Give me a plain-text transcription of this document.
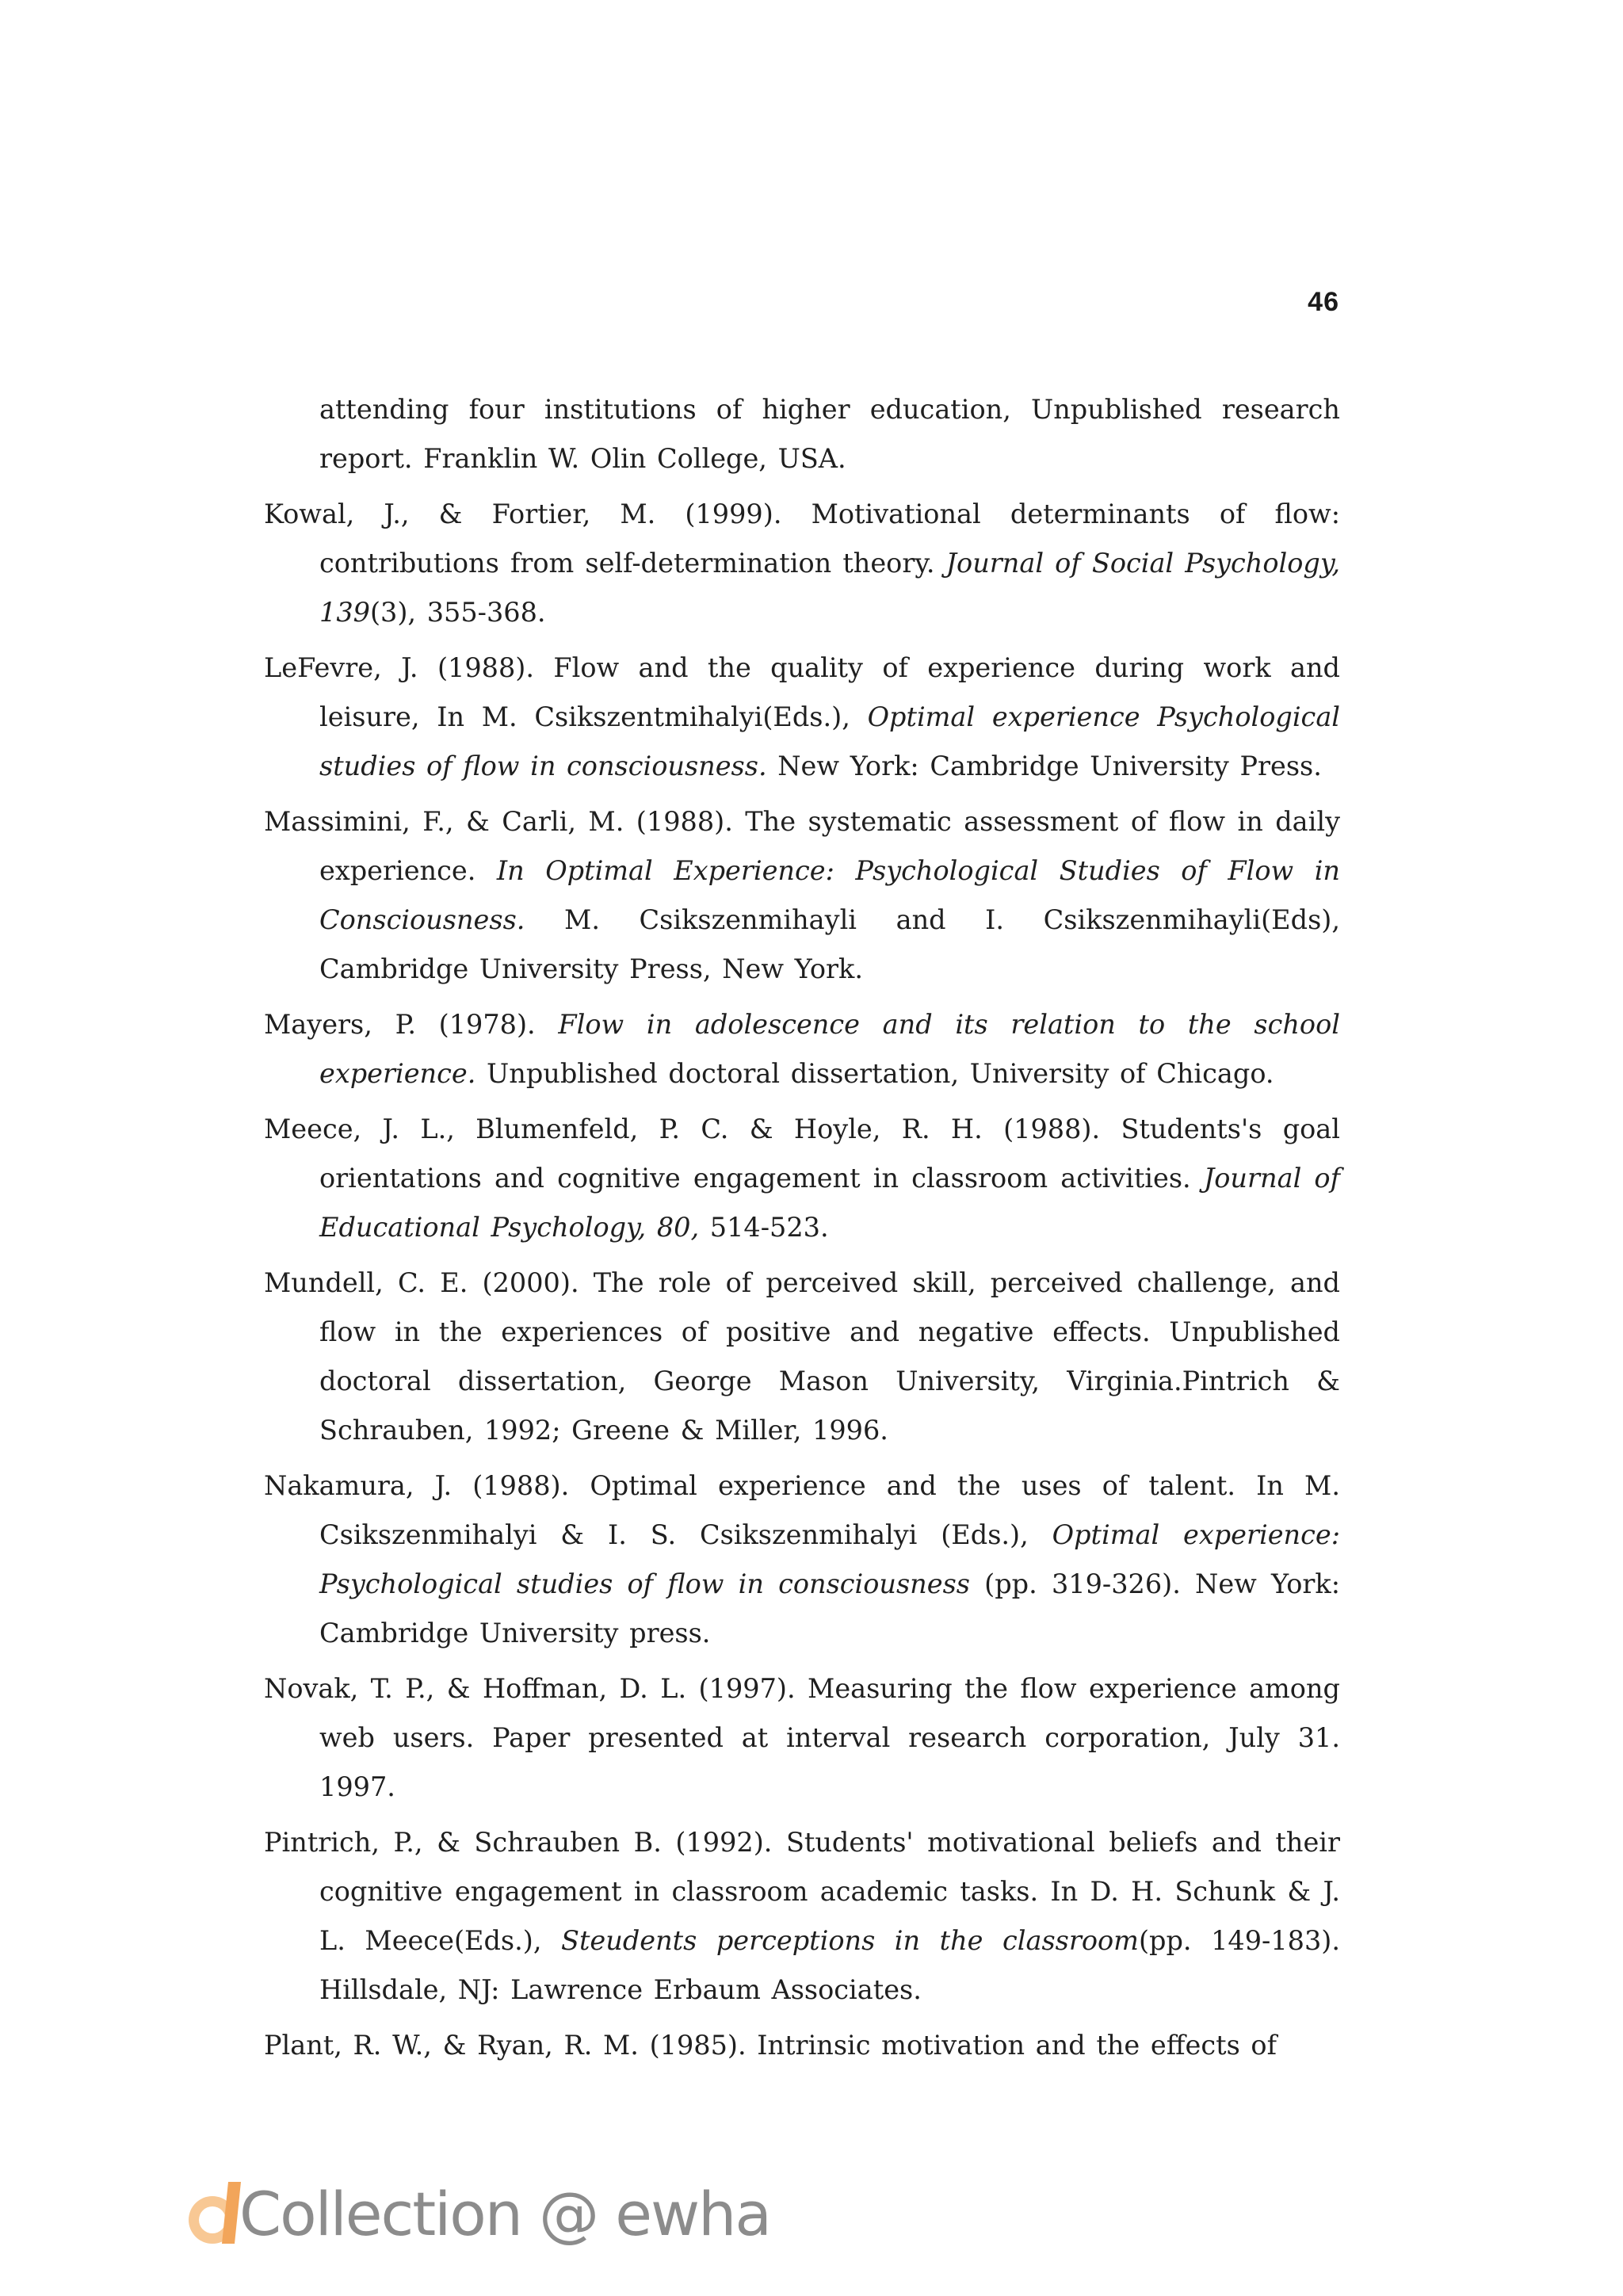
46

attending four institutions of higher education, Unpublished research report. Franklin W. Olin College, USA.

Kowal, J., & Fortier, M. (1999). Motivational determinants of flow: contributions from self-determination theory. Journal of Social Psychology, 139(3), 355-368.

LeFevre, J. (1988). Flow and the quality of experience during work and leisure, In M. Csikszentmihalyi(Eds.), Optimal experience Psychological studies of flow in consciousness. New York: Cambridge University Press.

Massimini, F., & Carli, M. (1988). The systematic assessment of flow in daily experience. In Optimal Experience: Psychological Studies of Flow in Consciousness. M. Csikszenmihayli and I. Csikszenmihayli(Eds), Cambridge University Press, New York.

Mayers, P. (1978). Flow in adolescence and its relation to the school experience. Unpublished doctoral dissertation, University of Chicago.

Meece, J. L., Blumenfeld, P. C. & Hoyle, R. H. (1988). Students's goal orientations and cognitive engagement in classroom activities. Journal of Educational Psychology, 80, 514-523.

Mundell, C. E. (2000). The role of perceived skill, perceived challenge, and flow in the experiences of positive and negative effects. Unpublished doctoral dissertation, George Mason University, Virginia.Pintrich & Schrauben, 1992; Greene & Miller, 1996.

Nakamura, J. (1988). Optimal experience and the uses of talent. In M. Csikszenmihalyi & I. S. Csikszenmihalyi (Eds.), Optimal experience: Psychological studies of flow in consciousness (pp. 319-326). New York: Cambridge University press.

Novak, T. P., & Hoffman, D. L. (1997). Measuring the flow experience among web users. Paper presented at interval research corporation, July 31. 1997.

Pintrich, P., & Schrauben B. (1992). Students' motivational beliefs and their cognitive engagement in classroom academic tasks. In D. H. Schunk & J. L. Meece(Eds.), Steudents perceptions in the classroom(pp. 149-183). Hillsdale, NJ: Lawrence Erbaum Associates.

Plant, R. W., & Ryan, R. M. (1985). Intrinsic motivation and the effects of

Collection @ ewha
